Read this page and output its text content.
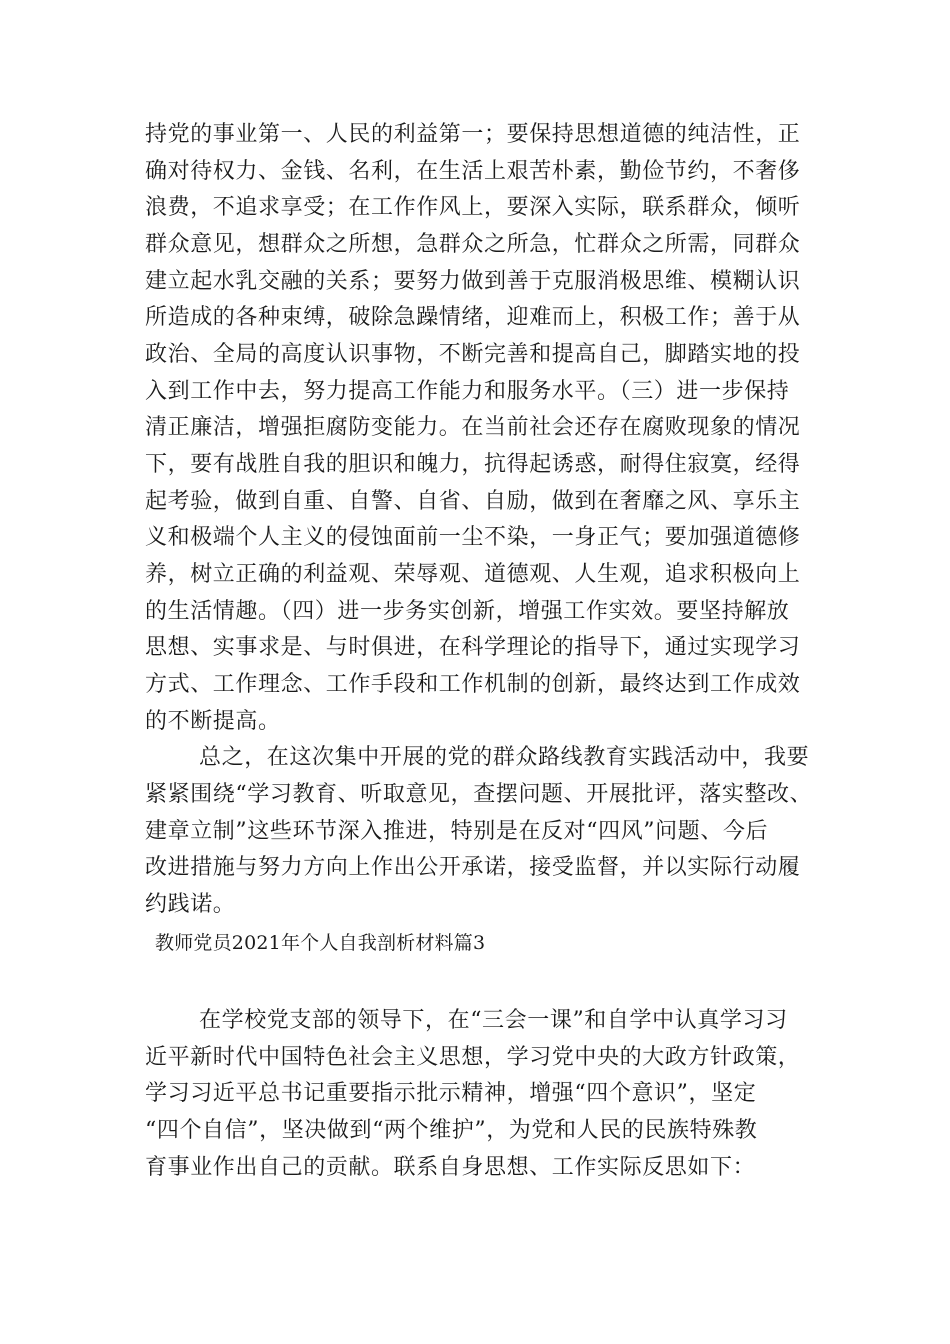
持党的事业第一、人民的利益第一；要保持思想道德的纯洁性，正
确对待权力、金钱、名利，在生活上艰苦朴素，勤俭节约，不奢侈
浪费，不追求享受；在工作作风上，要深入实际，联系群众，倾听
群众意见，想群众之所想，急群众之所急，忙群众之所需，同群众
建立起水乳交融的关系；要努力做到善于克服消极思维、模糊认识
所造成的各种束缚，破除急躁情绪，迎难而上，积极工作；善于从
政治、全局的高度认识事物，不断完善和提高自己，脚踏实地的投
入到工作中去，努力提高工作能力和服务水平。（三）进一步保持
清正廉洁，增强拒腐防变能力。在当前社会还存在腐败现象的情况
下，要有战胜自我的胆识和魄力，抗得起诱惑，耐得住寂寞，经得
起考验，做到自重、自警、自省、自励，做到在奢靡之风、享乐主
义和极端个人主义的侵蚀面前一尘不染，一身正气；要加强道德修
养，树立正确的利益观、荣辱观、道德观、人生观，追求积极向上
的生活情趣。（四）进一步务实创新，增强工作实效。要坚持解放
思想、实事求是、与时俱进，在科学理论的指导下，通过实现学习
方式、工作理念、工作手段和工作机制的创新，最终达到工作成效
的不断提高。
总之，在这次集中开展的党的群众路线教育实践活动中，我要
紧紧围绕“学习教育、听取意见，查摆问题、开展批评，落实整改、
建章立制”这些环节深入推进，特别是在反对“四风”问题、今后
改进措施与努力方向上作出公开承诺，接受监督，并以实际行动履
约践诺。
教师党员2021年个人自我剖析材料篇3
在学校党支部的领导下，在“三会一课”和自学中认真学习习
近平新时代中国特色社会主义思想，学习党中央的大政方针政策，
学习习近平总书记重要指示批示精神，增强“四个意识”，坚定
“四个自信”，坚决做到“两个维护”，为党和人民的民族特殊教
育事业作出自己的贡献。联系自身思想、工作实际反思如下：
